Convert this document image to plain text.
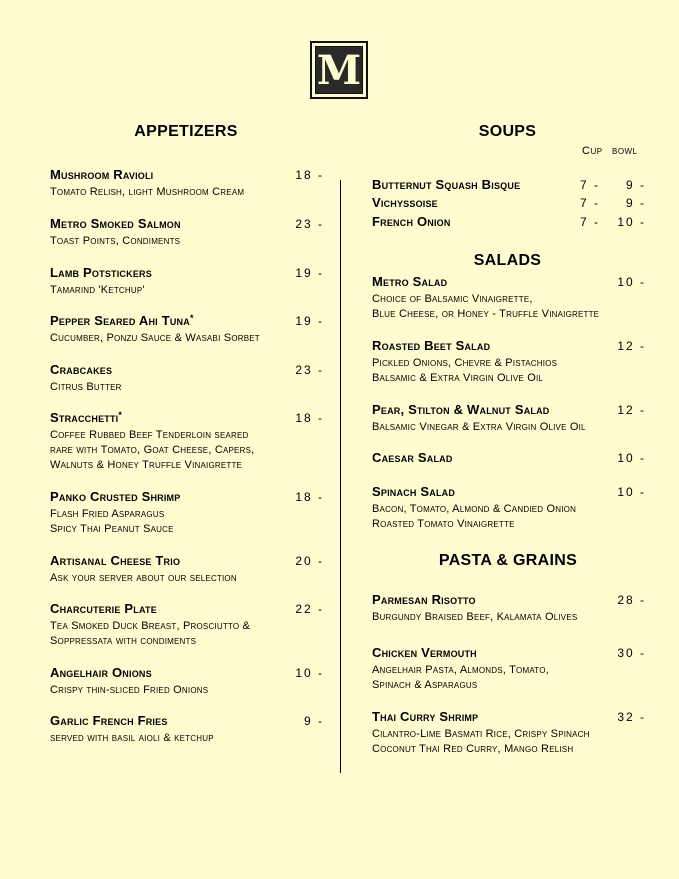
M
APPETIZERS
Mushroom Ravioli	18 -
Tomato Relish, light Mushroom Cream
Metro Smoked Salmon	23 -
Toast Points, Condiments
Lamb Potstickers	19 -
Tamarind 'Ketchup'
Pepper Seared Ahi Tuna*	19 -
Cucumber, Ponzu Sauce & Wasabi Sorbet
Crabcakes	23 -
Citrus Butter
Stracchetti*	18 -
Coffee Rubbed Beef Tenderloin seared
rare with Tomato, Goat Cheese, Capers,
Walnuts & Honey Truffle Vinaigrette
Panko Crusted Shrimp	18 -
Flash Fried Asparagus
Spicy Thai Peanut Sauce
Artisanal Cheese Trio	20 -
Ask your server about our selection
Charcuterie Plate	22 -
Tea Smoked Duck Breast, Prosciutto &
Soppressata with condiments
Angelhair Onions	10 -
Crispy thin-sliced Fried Onions
Garlic French Fries	9 -
served with basil aioli & ketchup
SOUPS
Cup bowl
Butternut Squash Bisque	7 -	9 -
Vichyssoise	7 -	9 -
French Onion	7 -	10 -
SALADS
Metro Salad	10 -
Choice of Balsamic Vinaigrette,
Blue Cheese, or Honey - Truffle Vinaigrette
Roasted Beet Salad	12 -
Pickled Onions, Chevre & Pistachios
Balsamic & Extra Virgin Olive Oil
Pear, Stilton & Walnut Salad	12 -
Balsamic Vinegar & Extra Virgin Olive Oil
Caesar Salad	10 -
Spinach Salad	10 -
Bacon, Tomato, Almond & Candied Onion
Roasted Tomato Vinaigrette
PASTA & GRAINS
Parmesan Risotto	28 -
Burgundy Braised Beef, Kalamata Olives
Chicken Vermouth	30 -
Angelhair Pasta, Almonds, Tomato,
Spinach & Asparagus
Thai Curry Shrimp	32 -
Cilantro-Lime Basmati Rice, Crispy Spinach
Coconut Thai Red Curry, Mango Relish
